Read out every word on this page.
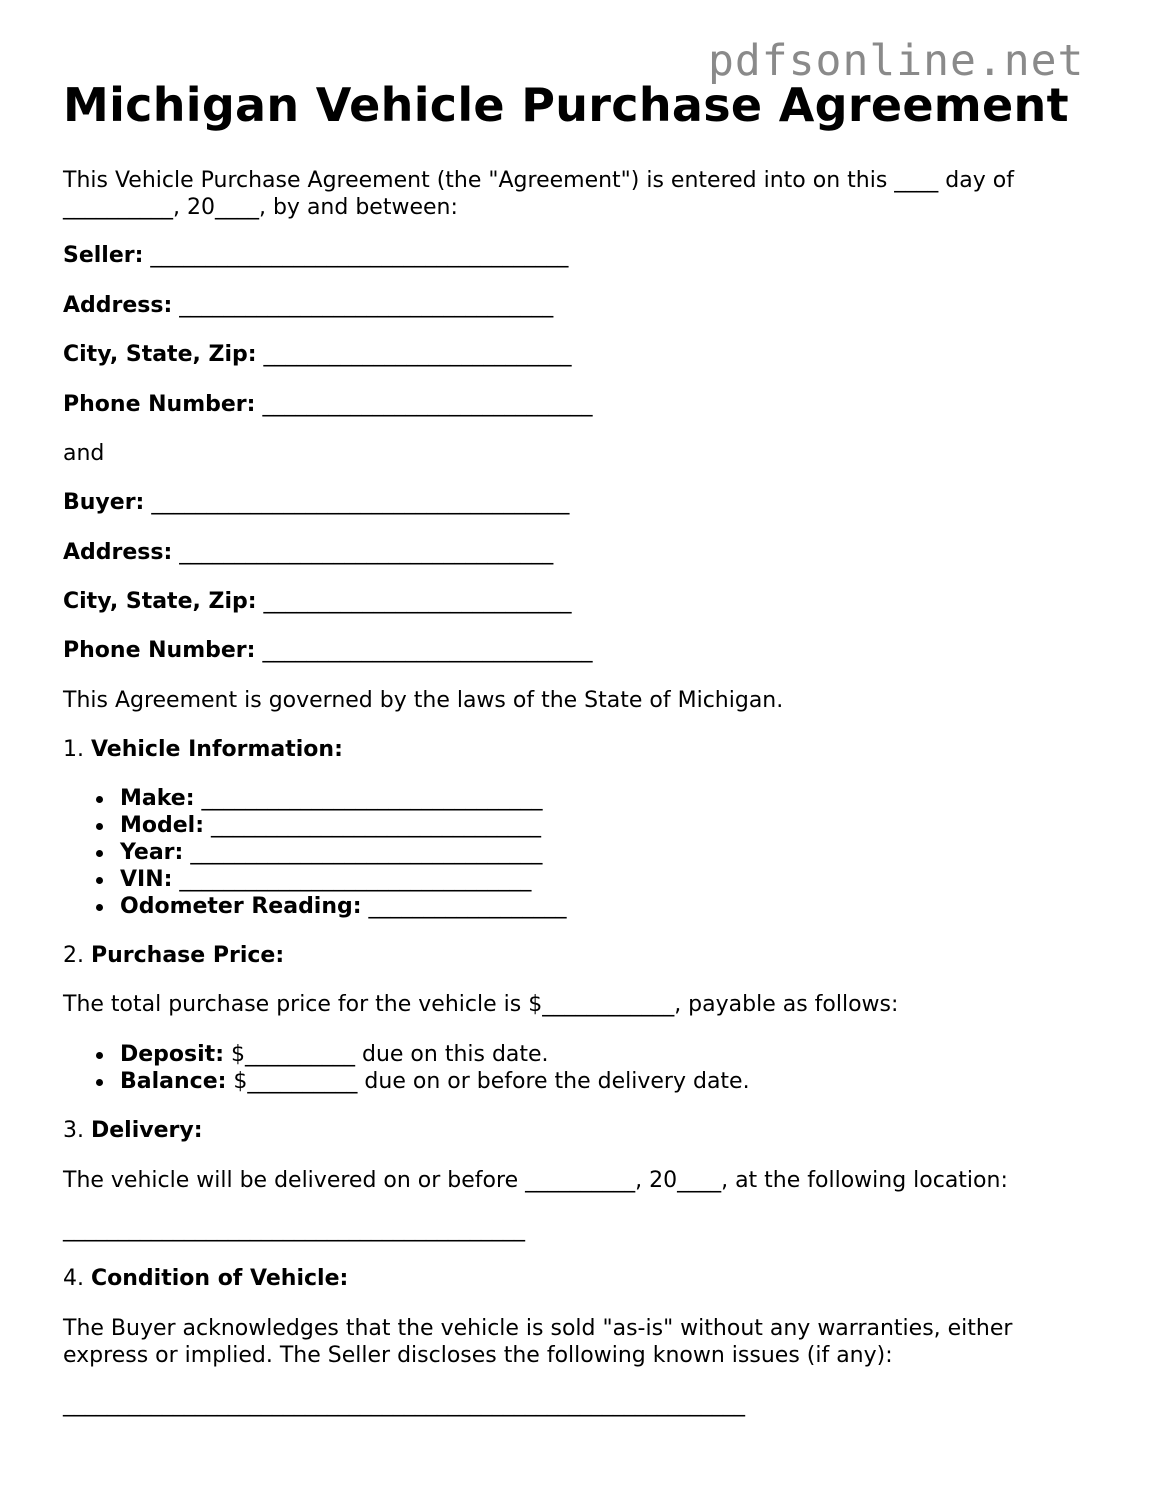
pdfsonline.net
Michigan Vehicle Purchase Agreement
This Vehicle Purchase Agreement (the "Agreement") is entered into on this ____ day of
__________, 20____, by and between:
Seller: ______________________________________
Address: __________________________________
City, State, Zip: ____________________________
Phone Number: ______________________________
and
Buyer: ______________________________________
Address: __________________________________
City, State, Zip: ____________________________
Phone Number: ______________________________
This Agreement is governed by the laws of the State of Michigan.
1. Vehicle Information:
Make: _______________________________
Model: ______________________________
Year: ________________________________
VIN: ________________________________
Odometer Reading: __________________
2. Purchase Price:
The total purchase price for the vehicle is $____________, payable as follows:
Deposit: $__________ due on this date.
Balance: $__________ due on or before the delivery date.
3. Delivery:
The vehicle will be delivered on or before __________, 20____, at the following location:
__________________________________________
4. Condition of Vehicle:
The Buyer acknowledges that the vehicle is sold "as-is" without any warranties, either
express or implied. The Seller discloses the following known issues (if any):
______________________________________________________________
